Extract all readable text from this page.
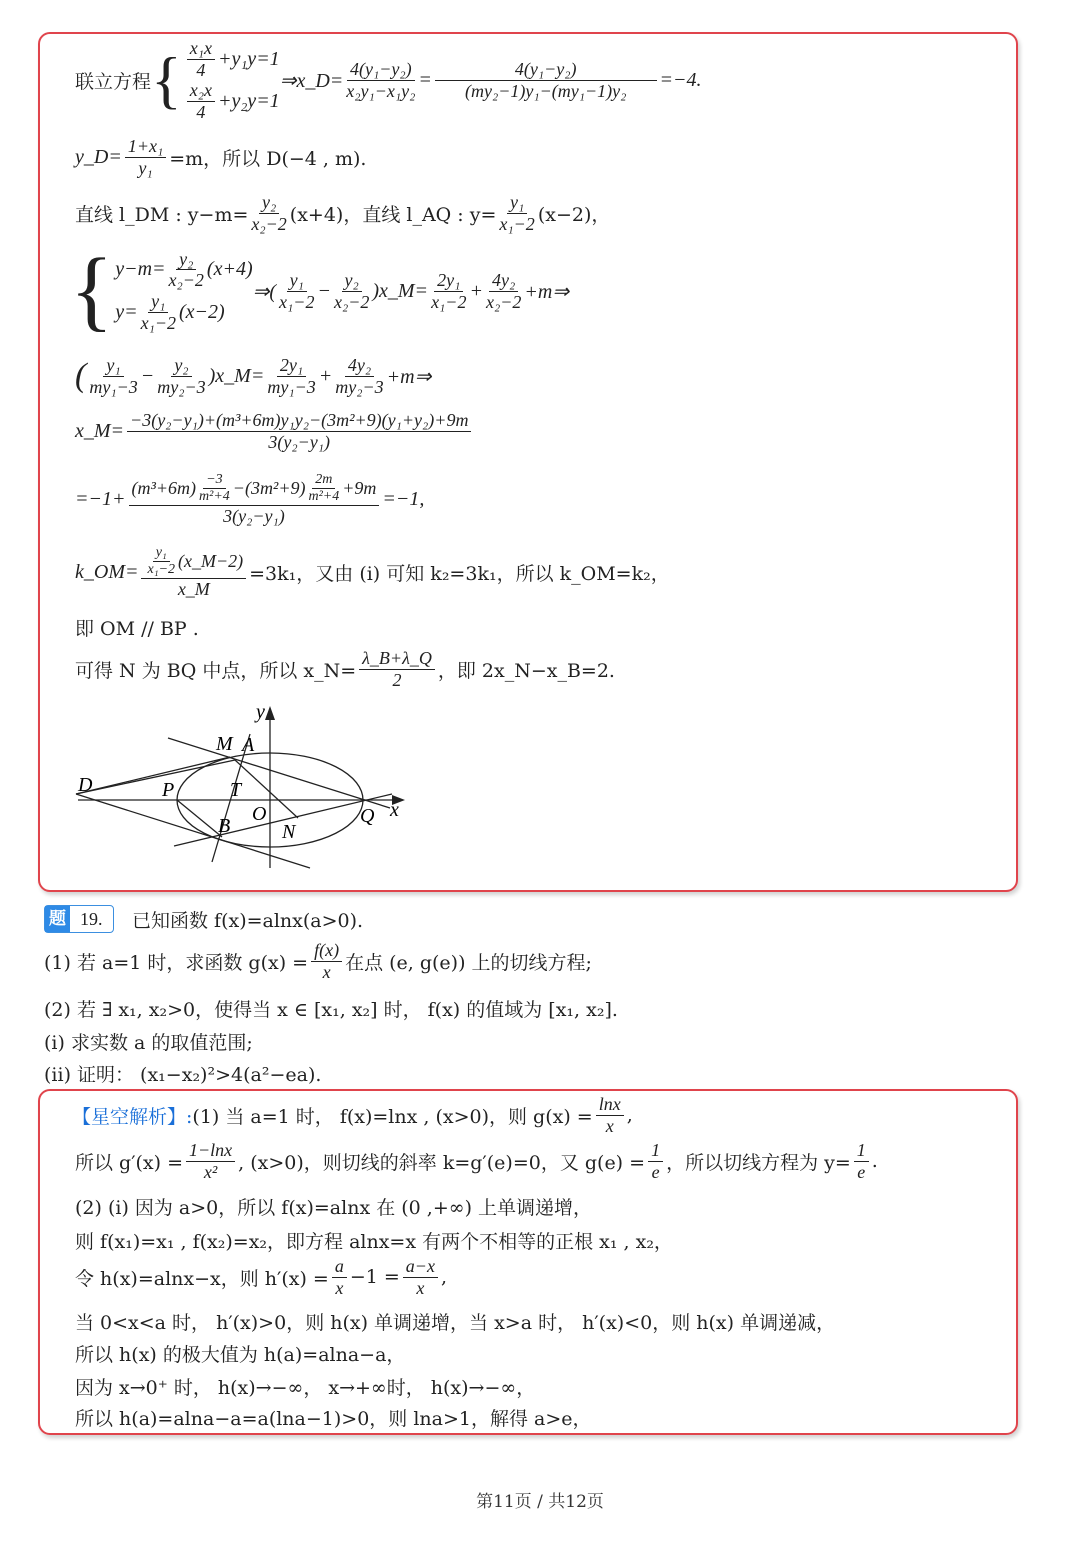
联立方程 { $\frac{\text{x₁x}}{4} +y_1y=1$
$\frac{\text{x₂x}}{4} +y_2y=1$
⇒x_D= $\frac{\text{4(y₁−y₂)}}{\text{x₂y₁−x₁y₂}} = \frac{\text{4(y₁−y₂)}}{\text{(my₂−1)y₁−(my₁−1)y₂}} =-4$.
y_D= $\frac{\text{1+x₁}}{\text{y₁}} =m$，所以 D(−4 , m).
直线 l_DM : $y-m= \frac{\text{y₂}}{\text{x₂−2}} (x+4)$，直线 l_AQ : $y= \frac{\text{y₁}}{\text{x₁−2}} (x-2)$，
{ $y-m= \frac{\text{y₂}}{\text{x₂−2}} (x+4)$
$y= \frac{\text{y₁}}{\text{x₁−2}} (x-2)$
⇒( $\frac{\text{y₁}}{\text{x₁−2}} - \frac{\text{y₂}}{\text{x₂−2}}$ )x_M= $\frac{\text{2y₁}}{\text{x₁−2}} + \frac{\text{4y₂}}{\text{x₂−2}}$ +m⇒
( $\frac{\text{y₁}}{\text{my₁−3}} - \frac{\text{y₂}}{\text{my₂−3}}$ )x_M= $\frac{\text{2y₁}}{\text{my₁−3}} + \frac{\text{4y₂}}{\text{my₂−3}}$ +m⇒
x_M= $\frac{\text{−3(y₂−y₁)+(m³+6m)y₁y₂−(3m²+9)(y₁+y₂)+9m}}{\text{3(y₂−y₁)}}$
$=-1+ \frac{(m^3+6m) \frac{-3}{\text{m²+4}} -(3m^2+9) \frac{2m}{\text{m²+4}} +9m}{\text{3(y₂−y₁)}} =-1$,
k_OM= $\frac{\frac{\text{y₁}}{\text{x₁−2}} (x\_M-2)}{x\_M} =3k_1$，又由 (i) 可知 k₂=3k₁，所以 k_OM=k₂，
即 OM // BP .
可得 N 为 BQ 中点，所以 x_N= $\frac{\lambda\_B+\lambda\_Q}{2}$ ，即 2x_N−x_B=2.
y
x
M A
D	P	T
O
B	N
Q
题 19.	已知函数 f(x)=alnx(a>0).
(1) 若 a=1 时，求函数 $g(x) = \frac{f(x)}{x}$ 在点 (e, g(e)) 上的切线方程;
(2) 若 ∃ x₁, x₂>0，使得当 x ∈ [x₁, x₂] 时， f(x) 的值域为 [x₁, x₂].
(i) 求实数 a 的取值范围;
(ii) 证明： (x₁−x₂)²>4(a²−ea).
【星空解析】: (1) 当 a=1 时， f(x)=lnx , (x>0)，则 $g(x) = \frac{\ln x}{x}$ ,
所以 $g'(x) = \frac{1-\ln x}{\text{x²}}$ , (x>0)，则切线的斜率 k=g′(e)=0，又 $g(e) = \frac{1}{e}$ ，所以切线方程为 $y= \frac{1}{e}$ .
(2) (i) 因为 a>0，所以 f(x)=alnx 在 (0 ,+∞) 上单调递增，
则 f(x₁)=x₁ , f(x₂)=x₂，即方程 alnx=x 有两个不相等的正根 x₁ , x₂，
令 h(x)=alnx−x，则 $h'(x) = \frac{a}{x} -1 = \frac{a-x}{x}$ ,
当 0<x<a 时， h′(x)>0，则 h(x) 单调递增，当 x>a 时， h′(x)<0，则 h(x) 单调递减，
所以 h(x) 的极大值为 h(a)=alna−a，
因为 x→0⁺ 时， h(x)→−∞， x→+∞时， h(x)→−∞，
所以 h(a)=alna−a=a(lna−1)>0，则 lna>1，解得 a>e，
第11页 / 共12页
